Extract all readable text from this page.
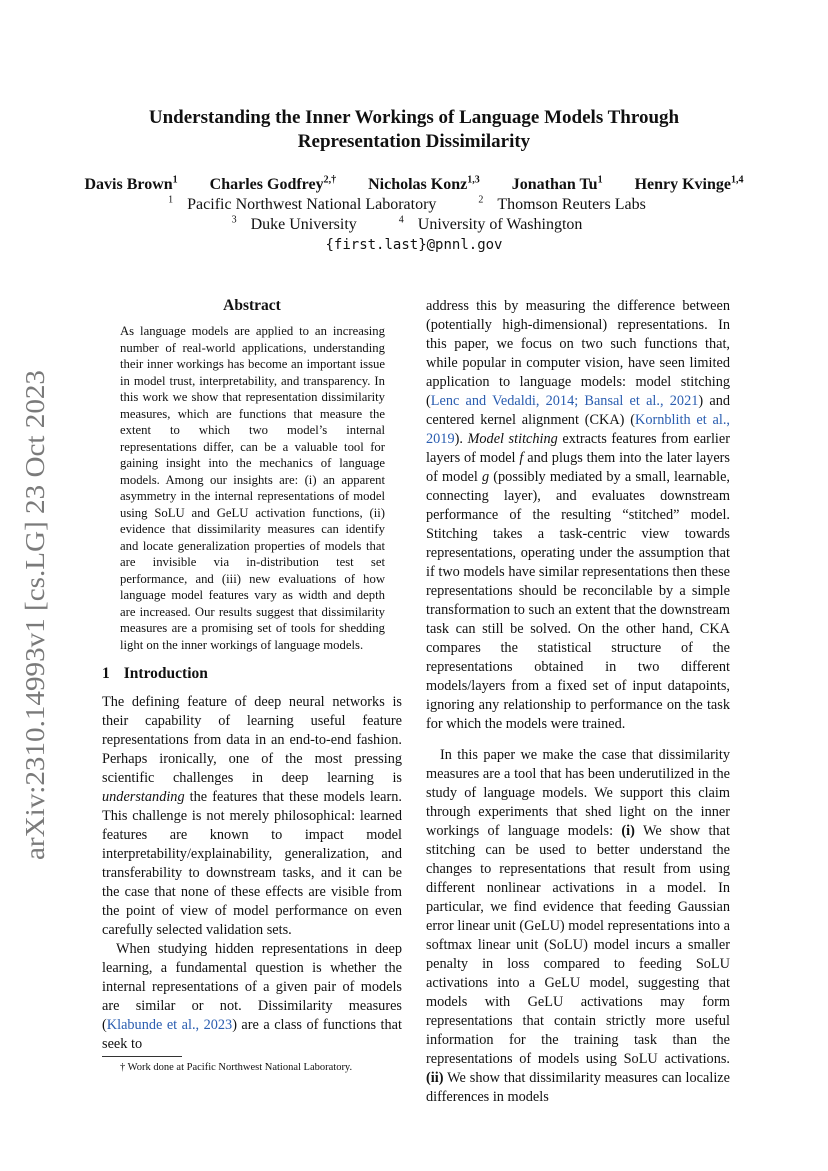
arXiv:2310.14993v1 [cs.LG] 23 Oct 2023
Understanding the Inner Workings of Language Models Through
Representation Dissimilarity
Davis Brown$^1$ Charles Godfrey$^{2,\dagger}$ Nicholas Konz$^{1,3}$ Jonathan Tu$^1$ Henry Kvinge$^{1,4}$
$^1$ Pacific Northwest National Laboratory	$^2$ Thomson Reuters Labs
$^3$ Duke University	$^4$ University of Washington
{first.last}@pnnl.gov
Abstract
As language models are applied to an increasing number of real-world applications, understanding their inner workings has become an important issue in model trust, interpretability, and transparency. In this work we show that representation dissimilarity measures, which are functions that measure the extent to which two model’s internal representations differ, can be a valuable tool for gaining insight into the mechanics of language models. Among our insights are: (i) an apparent asymmetry in the internal representations of model using SoLU and GeLU activation functions, (ii) evidence that dissimilarity measures can identify and locate generalization properties of models that are invisible via in-distribution test set performance, and (iii) new evaluations of how language model features vary as width and depth are increased. Our results suggest that dissimilarity measures are a promising set of tools for shedding light on the inner workings of language models.
1 Introduction

The defining feature of deep neural networks is their capability of learning useful feature representations from data in an end-to-end fashion. Perhaps ironically, one of the most pressing scientific challenges in deep learning is understanding the features that these models learn. This challenge is not merely philosophical: learned features are known to impact model interpretability/explainability, generalization, and transferability to downstream tasks, and it can be the case that none of these effects are visible from the point of view of model performance on even carefully selected validation sets.

When studying hidden representations in deep learning, a fundamental question is whether the internal representations of a given pair of models are similar or not. Dissimilarity measures (Klabunde et al., 2023) are a class of functions that seek to

† Work done at Pacific Northwest National Laboratory.

address this by measuring the difference between (potentially high-dimensional) representations. In this paper, we focus on two such functions that, while popular in computer vision, have seen limited application to language models: model stitching (Lenc and Vedaldi, 2014; Bansal et al., 2021) and centered kernel alignment (CKA) (Kornblith et al., 2019). Model stitching extracts features from earlier layers of model f and plugs them into the later layers of model g (possibly mediated by a small, learnable, connecting layer), and evaluates downstream performance of the resulting “stitched” model. Stitching takes a task-centric view towards representations, operating under the assumption that if two models have similar representations then these representations should be reconcilable by a simple transformation to such an extent that the downstream task can still be solved. On the other hand, CKA compares the statistical structure of the representations obtained in two different models/layers from a fixed set of input datapoints, ignoring any relationship to performance on the task for which the models were trained.

In this paper we make the case that dissimilarity measures are a tool that has been underutilized in the study of language models. We support this claim through experiments that shed light on the inner workings of language models: (i) We show that stitching can be used to better understand the changes to representations that result from using different nonlinear activations in a model. In particular, we find evidence that feeding Gaussian error linear unit (GeLU) model representations into a softmax linear unit (SoLU) model incurs a smaller penalty in loss compared to feeding SoLU activations into a GeLU model, suggesting that models with GeLU activations may form representations that contain strictly more useful information for the training task than the representations of models using SoLU activations. (ii) We show that dissimilarity measures can localize differences in models
